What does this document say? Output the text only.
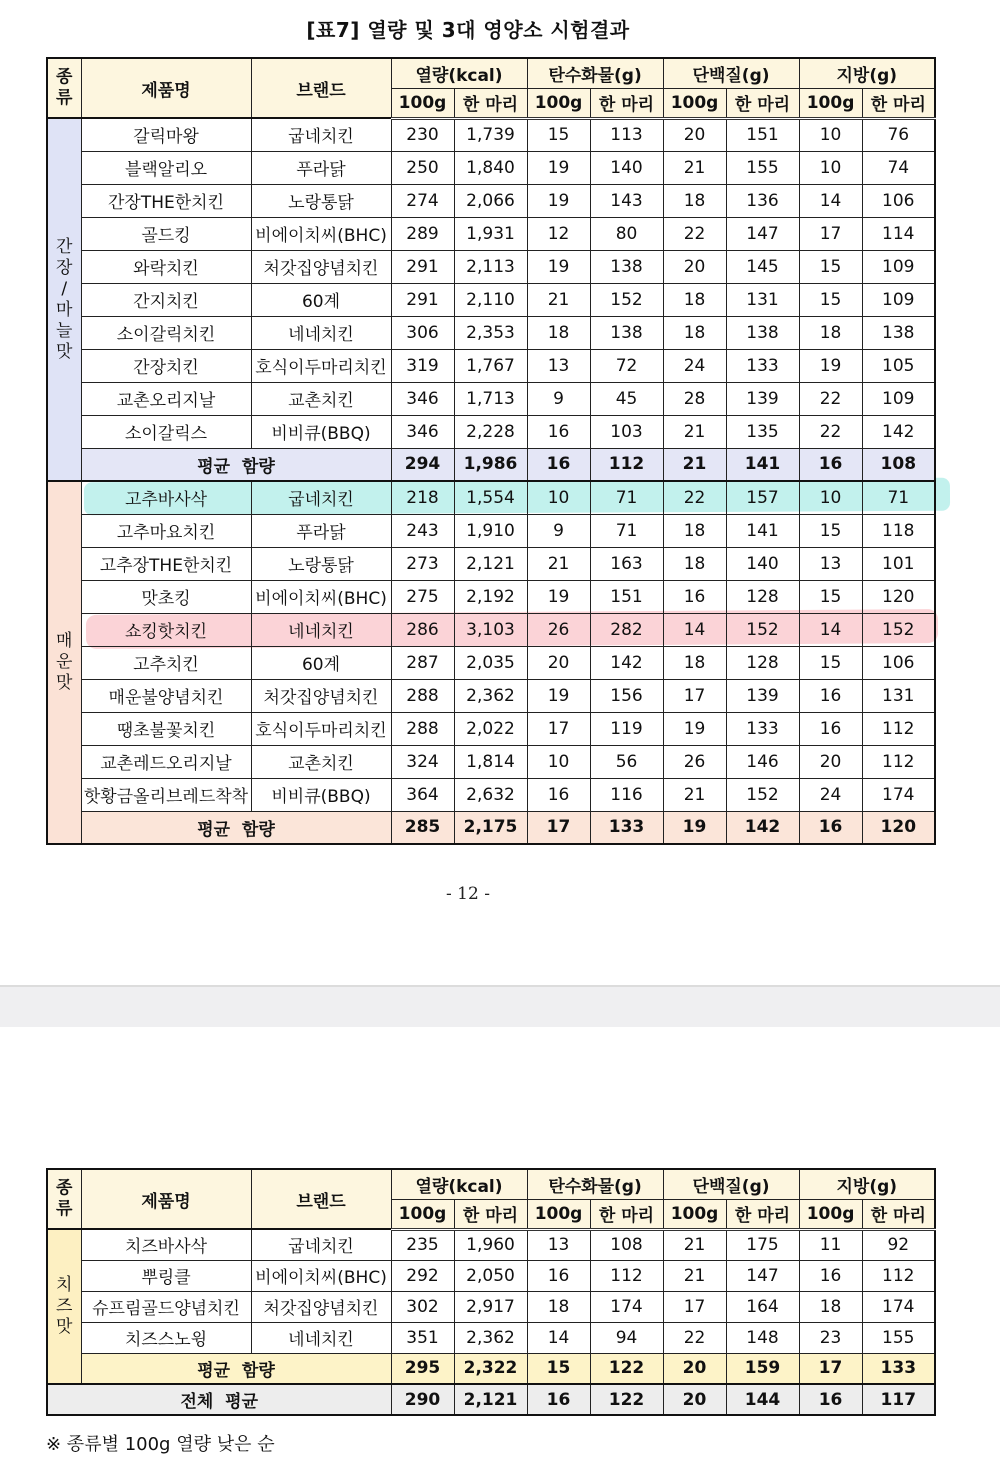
[표7] 열량 및 3대 영양소 시험결과
종
류	제품명	브랜드	열량(kcal)		탄수화물(g)		단백질(g)		지방(g)	
			100g	한 마리	100g	한 마리	100g	한 마리	100g	한 마리

간
장
/
마
늘
맛
	갈릭마왕	굽네치킨	230	1,739	15	113	20	151	10	76
	블랙알리오	푸라닭	250	1,840	19	140	21	155	10	74
	간장THE한치킨	노랑통닭	274	2,066	19	143	18	136	14	106
	골드킹	비에이치씨(BHC)	289	1,931	12	80	22	147	17	114
	와락치킨	처갓집양념치킨	291	2,113	19	138	20	145	15	109
	간지치킨	60계	291	2,110	21	152	18	131	15	109
	소이갈릭치킨	네네치킨	306	2,353	18	138	18	138	18	138
	간장치킨	호식이두마리치킨	319	1,767	13	72	24	133	19	105
	교촌오리지날	교촌치킨	346	1,713	9	45	28	139	22	109
	소이갈릭스	비비큐(BBQ)	346	2,228	16	103	21	135	22	142
	평균  함량		294	1,986	16	112	21	141	16	108

매
운
맛	고추바사삭	굽네치킨	218	1,554	10	71	22	157	10	71
	고추마요치킨	푸라닭	243	1,910	9	71	18	141	15	118
	고추장THE한치킨	노랑통닭	273	2,121	21	163	18	140	13	101
	맛초킹	비에이치씨(BHC)	275	2,192	19	151	16	128	15	120
	쇼킹핫치킨	네네치킨	286	3,103	26	282	14	152	14	152
	고추치킨	60계	287	2,035	20	142	18	128	15	106
	매운불양념치킨	처갓집양념치킨	288	2,362	19	156	17	139	16	131
	땡초불꽃치킨	호식이두마리치킨	288	2,022	17	119	19	133	16	112
	교촌레드오리지날	교촌치킨	324	1,814	10	56	26	146	20	112
	핫황금올리브레드착착	비비큐(BBQ)	364	2,632	16	116	21	152	24	174
	평균  함량		285	2,175	17	133	19	142	16	120
- 12 -
종
류	제품명	브랜드	열량(kcal)		탄수화물(g)		단백질(g)		지방(g)	
			100g	한 마리	100g	한 마리	100g	한 마리	100g	한 마리

치
즈
맛	치즈바사삭	굽네치킨	235	1,960	13	108	21	175	11	92
	뿌링클	비에이치씨(BHC)	292	2,050	16	112	21	147	16	112
	슈프림골드양념치킨	처갓집양념치킨	302	2,917	18	174	17	164	18	174
	치즈스노윙	네네치킨	351	2,362	14	94	22	148	23	155
	평균  함량		295	2,322	15	122	20	159	17	133
전체  평균			290	2,121	16	122	20	144	16	117
※ 종류별 100g 열량 낮은 순
